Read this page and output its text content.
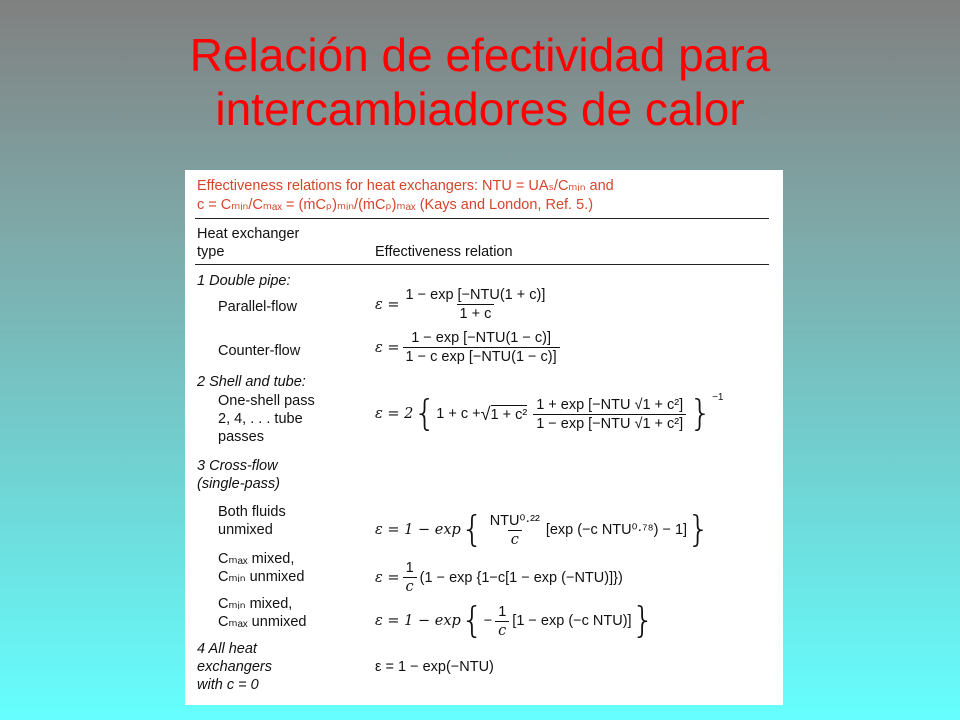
Relación de efectividad para
intercambiadores de calor
Effectiveness relations for heat exchangers: NTU = UAₛ/Cₘᵢₙ and
c = Cₘᵢₙ/Cₘₐₓ = (ṁCₚ)ₘᵢₙ/(ṁCₚ)ₘₐₓ (Kays and London, Ref. 5.)
Heat exchanger
type	Effectiveness relation
1 Double pipe:
Parallel-flow
Counter-flow
2 Shell and tube:
One-shell pass
2, 4, . . . tube
passes
3 Cross-flow
(single-pass)
Both fluids
unmixed
Cₘₐₓ mixed,
Cₘᵢₙ unmixed
Cₘᵢₙ mixed,
Cₘₐₓ unmixed
4 All heat
exchangers
with c = 0
$\varepsilon = \frac{\text{1 − exp [−NTU(1 + c)]}}{1 + c}$
$\varepsilon = \frac{\text{1 − exp [−NTU(1 − c)]}}{\text{1 − c exp [−NTU(1 − c)]}}$
ε = 2 { 1 + c + √ $1 + c^2 \frac{\text{1 + exp [−NTU √1 + c²]}}{\text{1 − exp [−NTU √1 + c²]}} \}^{-1}$
ε = 1 − exp { $\frac{\text{NTU⁰·²²}}{c} [\exp$ (−c NTU⁰·⁷⁸) − 1] }
$\varepsilon = \frac{1}{c} (1 - \exp \{1-c[1 - \exp (-NTU)]\})$
ε = 1 − exp { − $\frac{1}{c} [1 - \exp (-c$ NTU)] }
ε = 1 − exp(−NTU)
